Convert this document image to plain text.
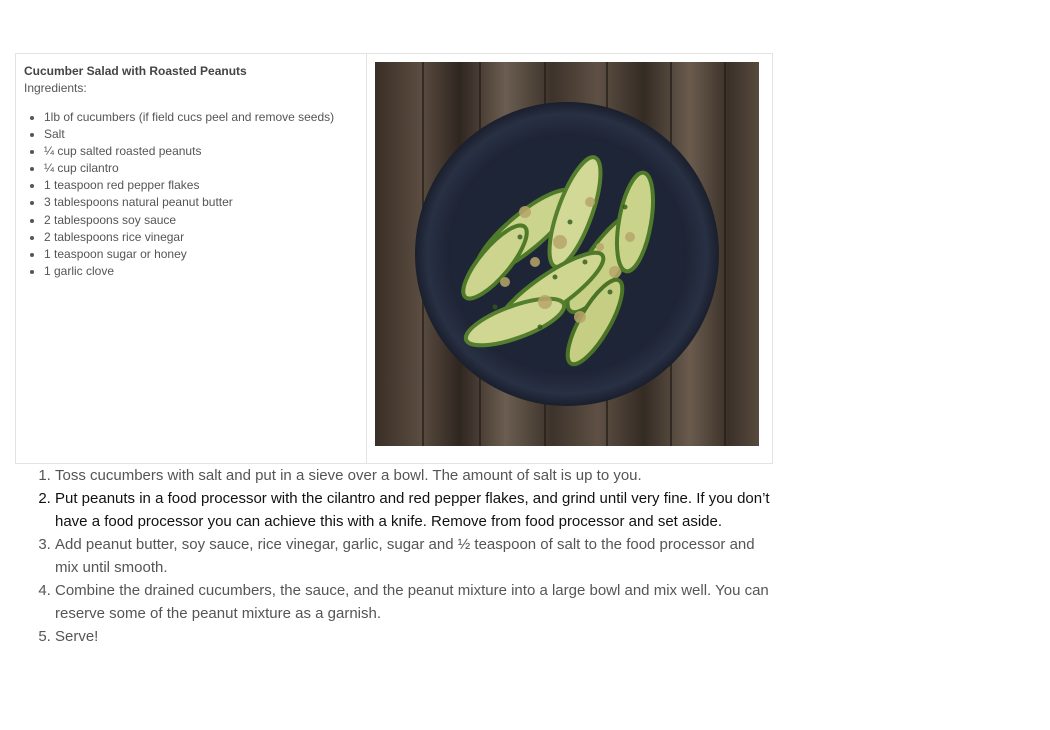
Cucumber Salad with Roasted Peanuts

Ingredients:

• 1lb of cucumbers (if field cucs peel and remove seeds)
• Salt
• ¼ cup salted roasted peanuts
• ¼ cup cilantro
• 1 teaspoon red pepper flakes
• 3 tablespoons natural peanut butter
• 2 tablespoons soy sauce
• 2 tablespoons rice vinegar
• 1 teaspoon sugar or honey
• 1 garlic clove
1. Toss cucumbers with salt and put in a sieve over a bowl. The amount of salt is up to you.
2. Put peanuts in a food processor with the cilantro and red pepper flakes, and grind until very fine. If you don’t have a food processor you can achieve this with a knife. Remove from food processor and set aside.
3. Add peanut butter, soy sauce, rice vinegar, garlic, sugar and ½ teaspoon of salt to the food processor and mix until smooth.
4. Combine the drained cucumbers, the sauce, and the peanut mixture into a large bowl and mix well. You can reserve some of the peanut mixture as a garnish.
5. Serve!
